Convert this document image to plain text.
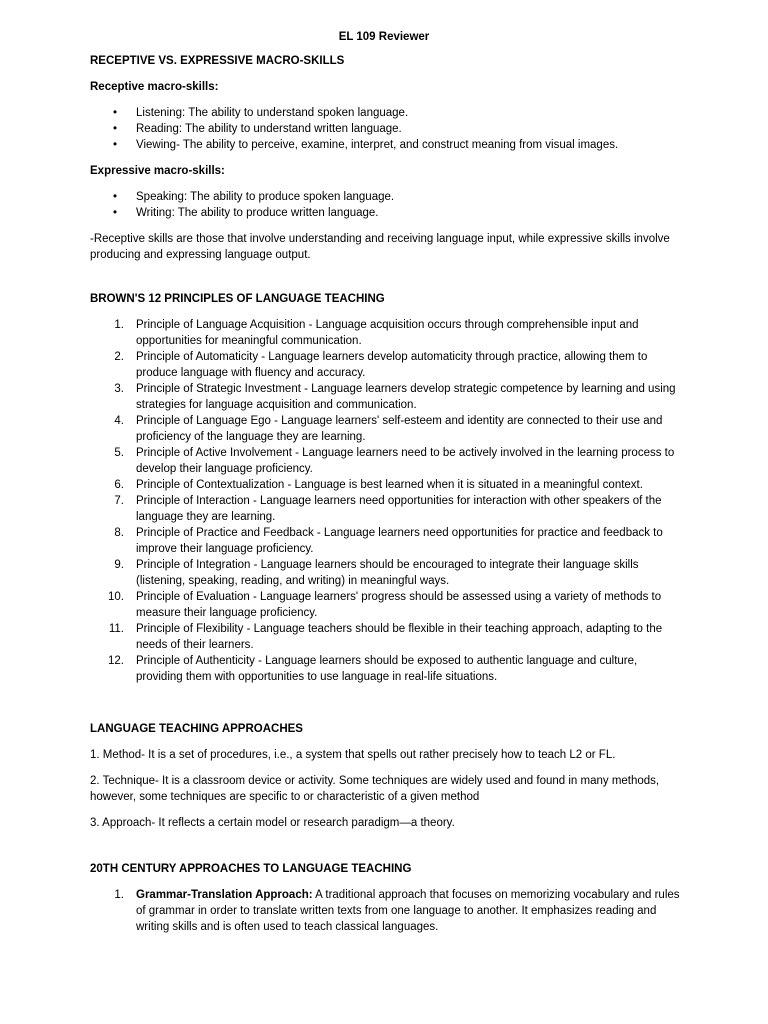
EL 109 Reviewer

RECEPTIVE VS. EXPRESSIVE MACRO-SKILLS

Receptive macro-skills:

• Listening: The ability to understand spoken language.
• Reading: The ability to understand written language.
• Viewing- The ability to perceive, examine, interpret, and construct meaning from visual images.

Expressive macro-skills:

• Speaking: The ability to produce spoken language.
• Writing: The ability to produce written language.

-Receptive skills are those that involve understanding and receiving language input, while expressive skills involve producing and expressing language output.

BROWN'S 12 PRINCIPLES OF LANGUAGE TEACHING

1. Principle of Language Acquisition - Language acquisition occurs through comprehensible input and opportunities for meaningful communication.
2. Principle of Automaticity - Language learners develop automaticity through practice, allowing them to produce language with fluency and accuracy.
3. Principle of Strategic Investment - Language learners develop strategic competence by learning and using strategies for language acquisition and communication.
4. Principle of Language Ego - Language learners' self-esteem and identity are connected to their use and proficiency of the language they are learning.
5. Principle of Active Involvement - Language learners need to be actively involved in the learning process to develop their language proficiency.
6. Principle of Contextualization - Language is best learned when it is situated in a meaningful context.
7. Principle of Interaction - Language learners need opportunities for interaction with other speakers of the language they are learning.
8. Principle of Practice and Feedback - Language learners need opportunities for practice and feedback to improve their language proficiency.
9. Principle of Integration - Language learners should be encouraged to integrate their language skills (listening, speaking, reading, and writing) in meaningful ways.
10. Principle of Evaluation - Language learners' progress should be assessed using a variety of methods to measure their language proficiency.
11. Principle of Flexibility - Language teachers should be flexible in their teaching approach, adapting to the needs of their learners.
12. Principle of Authenticity - Language learners should be exposed to authentic language and culture, providing them with opportunities to use language in real-life situations.

LANGUAGE TEACHING APPROACHES

1. Method- It is a set of procedures, i.e., a system that spells out rather precisely how to teach L2 or FL.

2. Technique- It is a classroom device or activity. Some techniques are widely used and found in many methods, however, some techniques are specific to or characteristic of a given method

3. Approach- It reflects a certain model or research paradigm—a theory.

20TH CENTURY APPROACHES TO LANGUAGE TEACHING

1. Grammar-Translation Approach: A traditional approach that focuses on memorizing vocabulary and rules of grammar in order to translate written texts from one language to another. It emphasizes reading and writing skills and is often used to teach classical languages.
